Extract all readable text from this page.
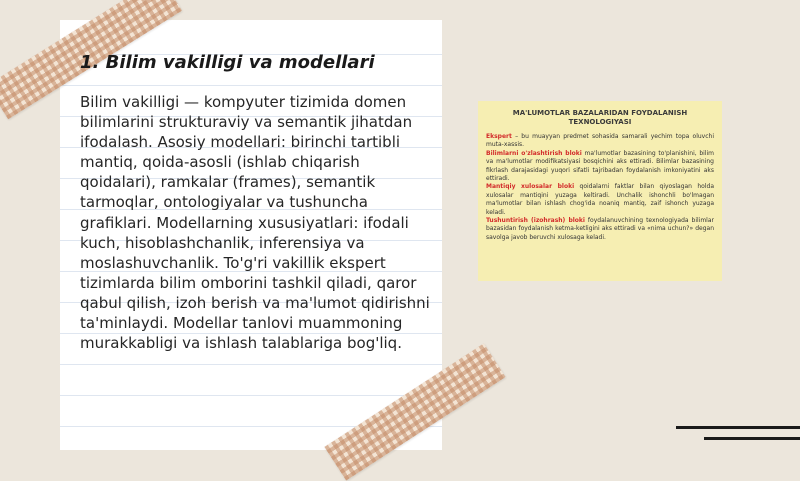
1. Bilim vakilligi va modellari

Bilim vakilligi — kompyuter tizimida domen bilimlarini strukturaviy va semantik jihatdan ifodalash. Asosiy modellari: birinchi tartibli mantiq, qoida-asosli (ishlab chiqarish qoidalari), ramkalar (frames), semantik tarmoqlar, ontologiyalar va tushuncha grafiklari. Modellarning xususiyatlari: ifodali kuch, hisoblashchanlik, inferensiya va moslashuvchanlik. To'g'ri vakillik ekspert tizimlarda bilim omborini tashkil qiladi, qaror qabul qilish, izoh berish va ma'lumot qidirishni ta'minlaydi. Modellar tanlovi muammoning murakkabligi va ishlash talablariga bog'liq.

MA'LUMOTLAR BAZALARIDAN FOYDALANISH TEXNOLOGIYASI

Ekspert – bu muayyan predmet sohasida samarali yechim topa oluvchi muta-xassis.

Bilimlarni o'zlashtirish bloki ma'lumotlar bazasining to'planishini, bilim va ma'lumotlar modifikatsiyasi bosqichini aks ettiradi. Bilimlar bazasining fikrlash darajasidagi yuqori sifatli tajribadan foydalanish imkoniyatini aks ettiradi.

Mantiqiy xulosalar bloki qoidalarni faktlar bilan qiyoslagan holda xulosalar mantiqini yuzaga keltiradi. Unchalik ishonchli bo'lmagan ma'lumotlar bilan ishlash chog'ida noaniq mantiq, zaif ishonch yuzaga keladi.

Tushuntirish (izohrash) bloki foydalanuvchining texnologiyada bilimlar bazasidan foydalanish ketma-ketligini aks ettiradi va «nima uchun?» degan savolga javob beruvchi xulosaga keladi.
